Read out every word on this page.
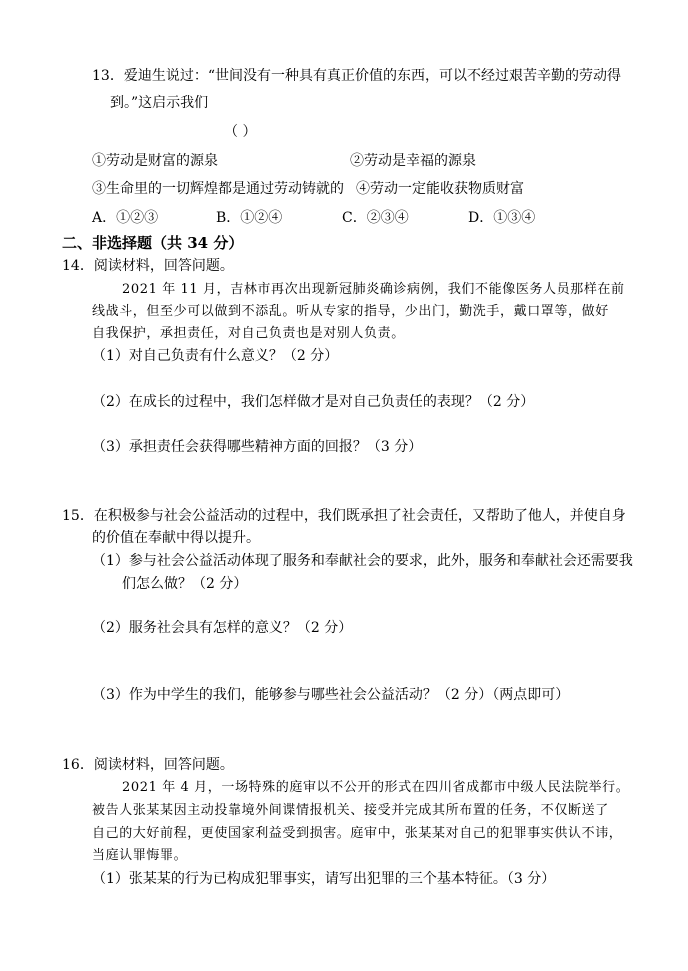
13．爱迪生说过：“世间没有一种具有真正价值的东西，可以不经过艰苦辛勤的劳动得
到。”这启示我们
（ ）
①劳动是财富的源泉	②劳动是幸福的源泉
③生命里的一切辉煌都是通过劳动铸就的 ④劳动一定能收获物质财富
A．①②③	B．①②④	C．②③④	D．①③④
二、非选择题（共 34 分）
14．阅读材料，回答问题。
2021 年 11 月，吉林市再次出现新冠肺炎确诊病例，我们不能像医务人员那样在前
线战斗，但至少可以做到不添乱。听从专家的指导，少出门，勤洗手，戴口罩等，做好
自我保护，承担责任，对自己负责也是对别人负责。
（1）对自己负责有什么意义？（2 分）
（2）在成长的过程中，我们怎样做才是对自己负责任的表现？（2 分）
（3）承担责任会获得哪些精神方面的回报？（3 分）
15．在积极参与社会公益活动的过程中，我们既承担了社会责任，又帮助了他人，并使自身
的价值在奉献中得以提升。
（1）参与社会公益活动体现了服务和奉献社会的要求，此外，服务和奉献社会还需要我
们怎么做？（2 分）
（2）服务社会具有怎样的意义？（2 分）
（3）作为中学生的我们，能够参与哪些社会公益活动？（2 分）（两点即可）
16．阅读材料，回答问题。
2021 年 4 月，一场特殊的庭审以不公开的形式在四川省成都市中级人民法院举行。
被告人张某某因主动投靠境外间谍情报机关、接受并完成其所布置的任务，不仅断送了
自己的大好前程，更使国家利益受到损害。庭审中，张某某对自己的犯罪事实供认不讳，
当庭认罪悔罪。
（1）张某某的行为已构成犯罪事实，请写出犯罪的三个基本特征。（3 分）
